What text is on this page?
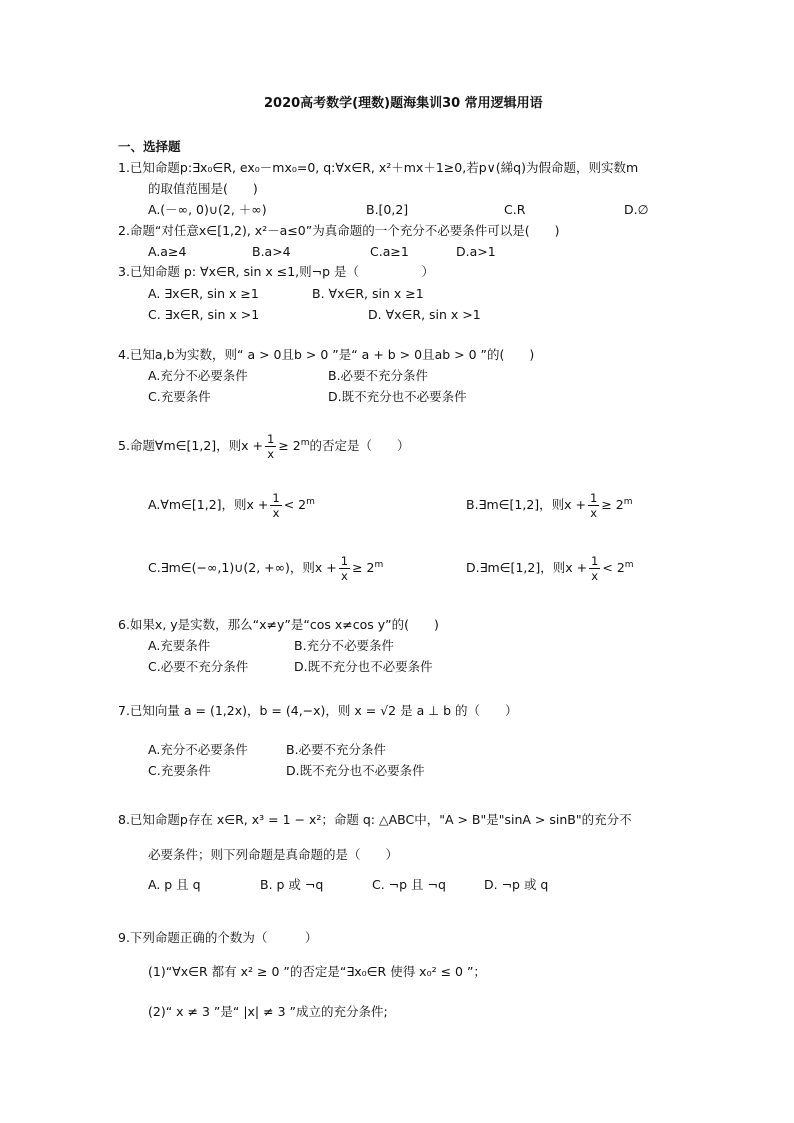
2020高考数学(理数)题海集训30 常用逻辑用语
一、选择题
1.已知命题p:∃x₀∈R, ex₀－mx₀=0, q:∀x∈R, x²＋mx＋1≥0,若p∨(綈q)为假命题，则实数m
的取值范围是(　　)
A.(－∞, 0)∪(2, ＋∞)	B.[0,2]	C.R	D.∅
2.命题“对任意x∈[1,2), x²－a≤0”为真命题的一个充分不必要条件可以是(　　)
A.a≥4	B.a>4	C.a≥1	D.a>1
3.已知命题 p: ∀x∈R, sin x ≤1,则¬p 是（　　　　　）
A. ∃x∈R, sin x ≥1	B. ∀x∈R, sin x ≥1
C. ∃x∈R, sin x >1	D. ∀x∈R, sin x >1
4.已知a,b为实数，则“ a > 0且b > 0 ”是“ a + b > 0且ab > 0 ”的(　　)
A.充分不必要条件	B.必要不充分条件
C.充要条件	D.既不充分也不必要条件
5.命题∀m∈[1,2]，则$x + \frac{1}{x} \ge 2^m$的否定是（　　）
A.∀m∈[1,2]，则$x + \frac{1}{x} < 2^m$	B.∃m∈[1,2]，则$x + \frac{1}{x} \ge 2^m$
C.∃m∈(−∞,1)∪(2, +∞)，则$x + \frac{1}{x} \ge 2^m$	D.∃m∈[1,2]，则$x + \frac{1}{x} < 2^m$
6.如果x, y是实数，那么“x≠y”是“cos x≠cos y”的(　　)
A.充要条件	B.充分不必要条件
C.必要不充分条件	D.既不充分也不必要条件
7.已知向量 a = (1,2x)，b = (4,−x)，则 x = √2 是 a ⊥ b 的（　　）
A.充分不必要条件	B.必要不充分条件
C.充要条件	D.既不充分也不必要条件
8.已知命题p存在 x∈R, x³ = 1 − x²；命题 q: △ABC中，"A > B"是"sinA > sinB"的充分不
必要条件；则下列命题是真命题的是（　　）
A. p 且 q	B. p 或 ¬q	C. ¬p 且 ¬q	D. ¬p 或 q
9.下列命题正确的个数为（　　　）
(1)“∀x∈R 都有 x² ≥ 0 ”的否定是“∃x₀∈R 使得 x₀² ≤ 0 ”；
(2)“ x ≠ 3 ”是“ |x| ≠ 3 ”成立的充分条件;
